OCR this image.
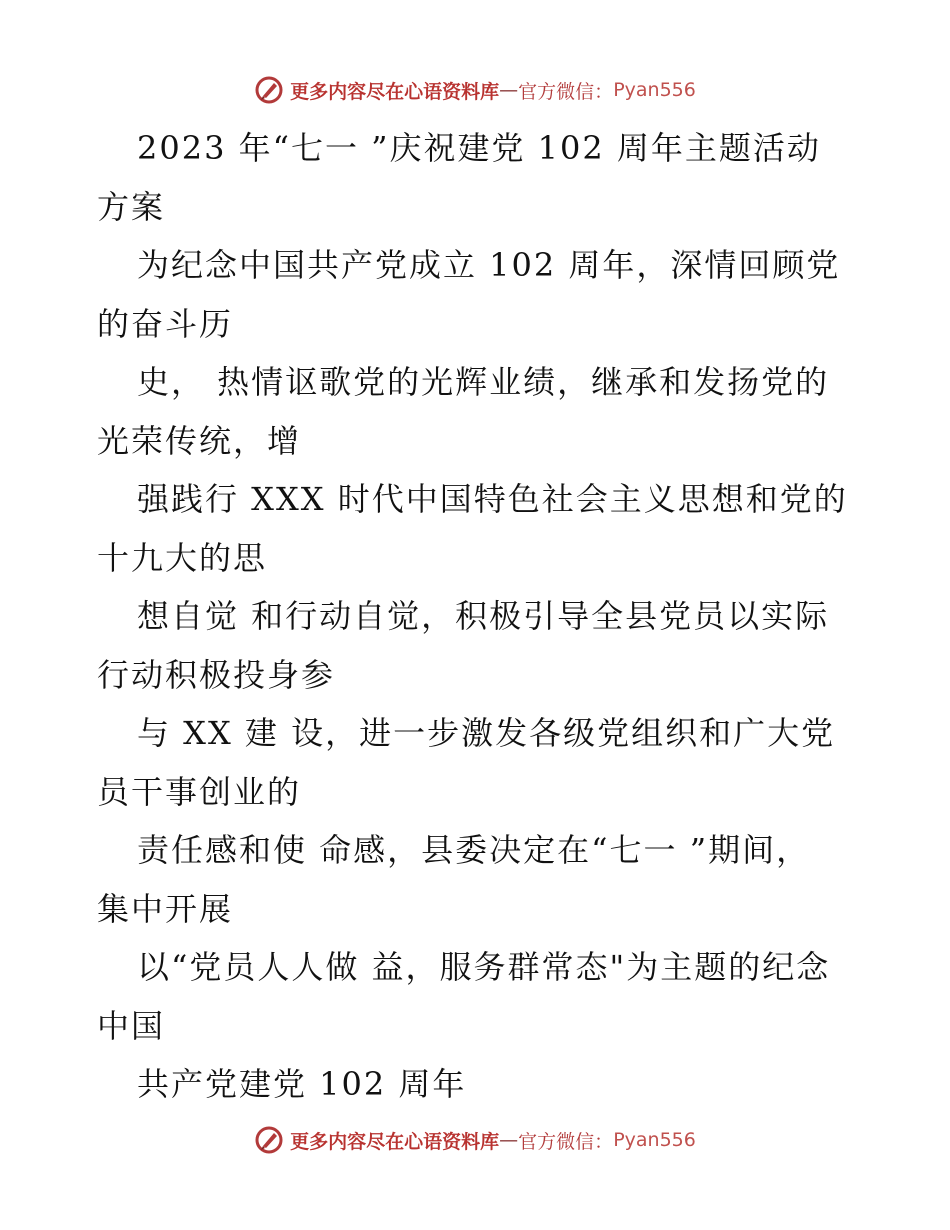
更多内容尽在心语资料库 — 官方微信： Pyan556
2023 年“七一 ”庆祝建党 102 周年主题活动
方案
为纪念中国共产党成立 102 周年，深情回顾党
的奋斗历
史， 热情讴歌党的光辉业绩，继承和发扬党的
光荣传统，增
强践行 XXX 时代中国特色社会主义思想和党的
十九大的思
想自觉 和行动自觉，积极引导全县党员以实际
行动积极投身参
与 XX 建 设，进一步激发各级党组织和广大党
员干事创业的
责任感和使 命感，县委决定在“七一 ”期间，
集中开展
以“党员人人做 益，服务群常态"为主题的纪念
中国
共产党建党 102 周年
更多内容尽在心语资料库 — 官方微信： Pyan556
